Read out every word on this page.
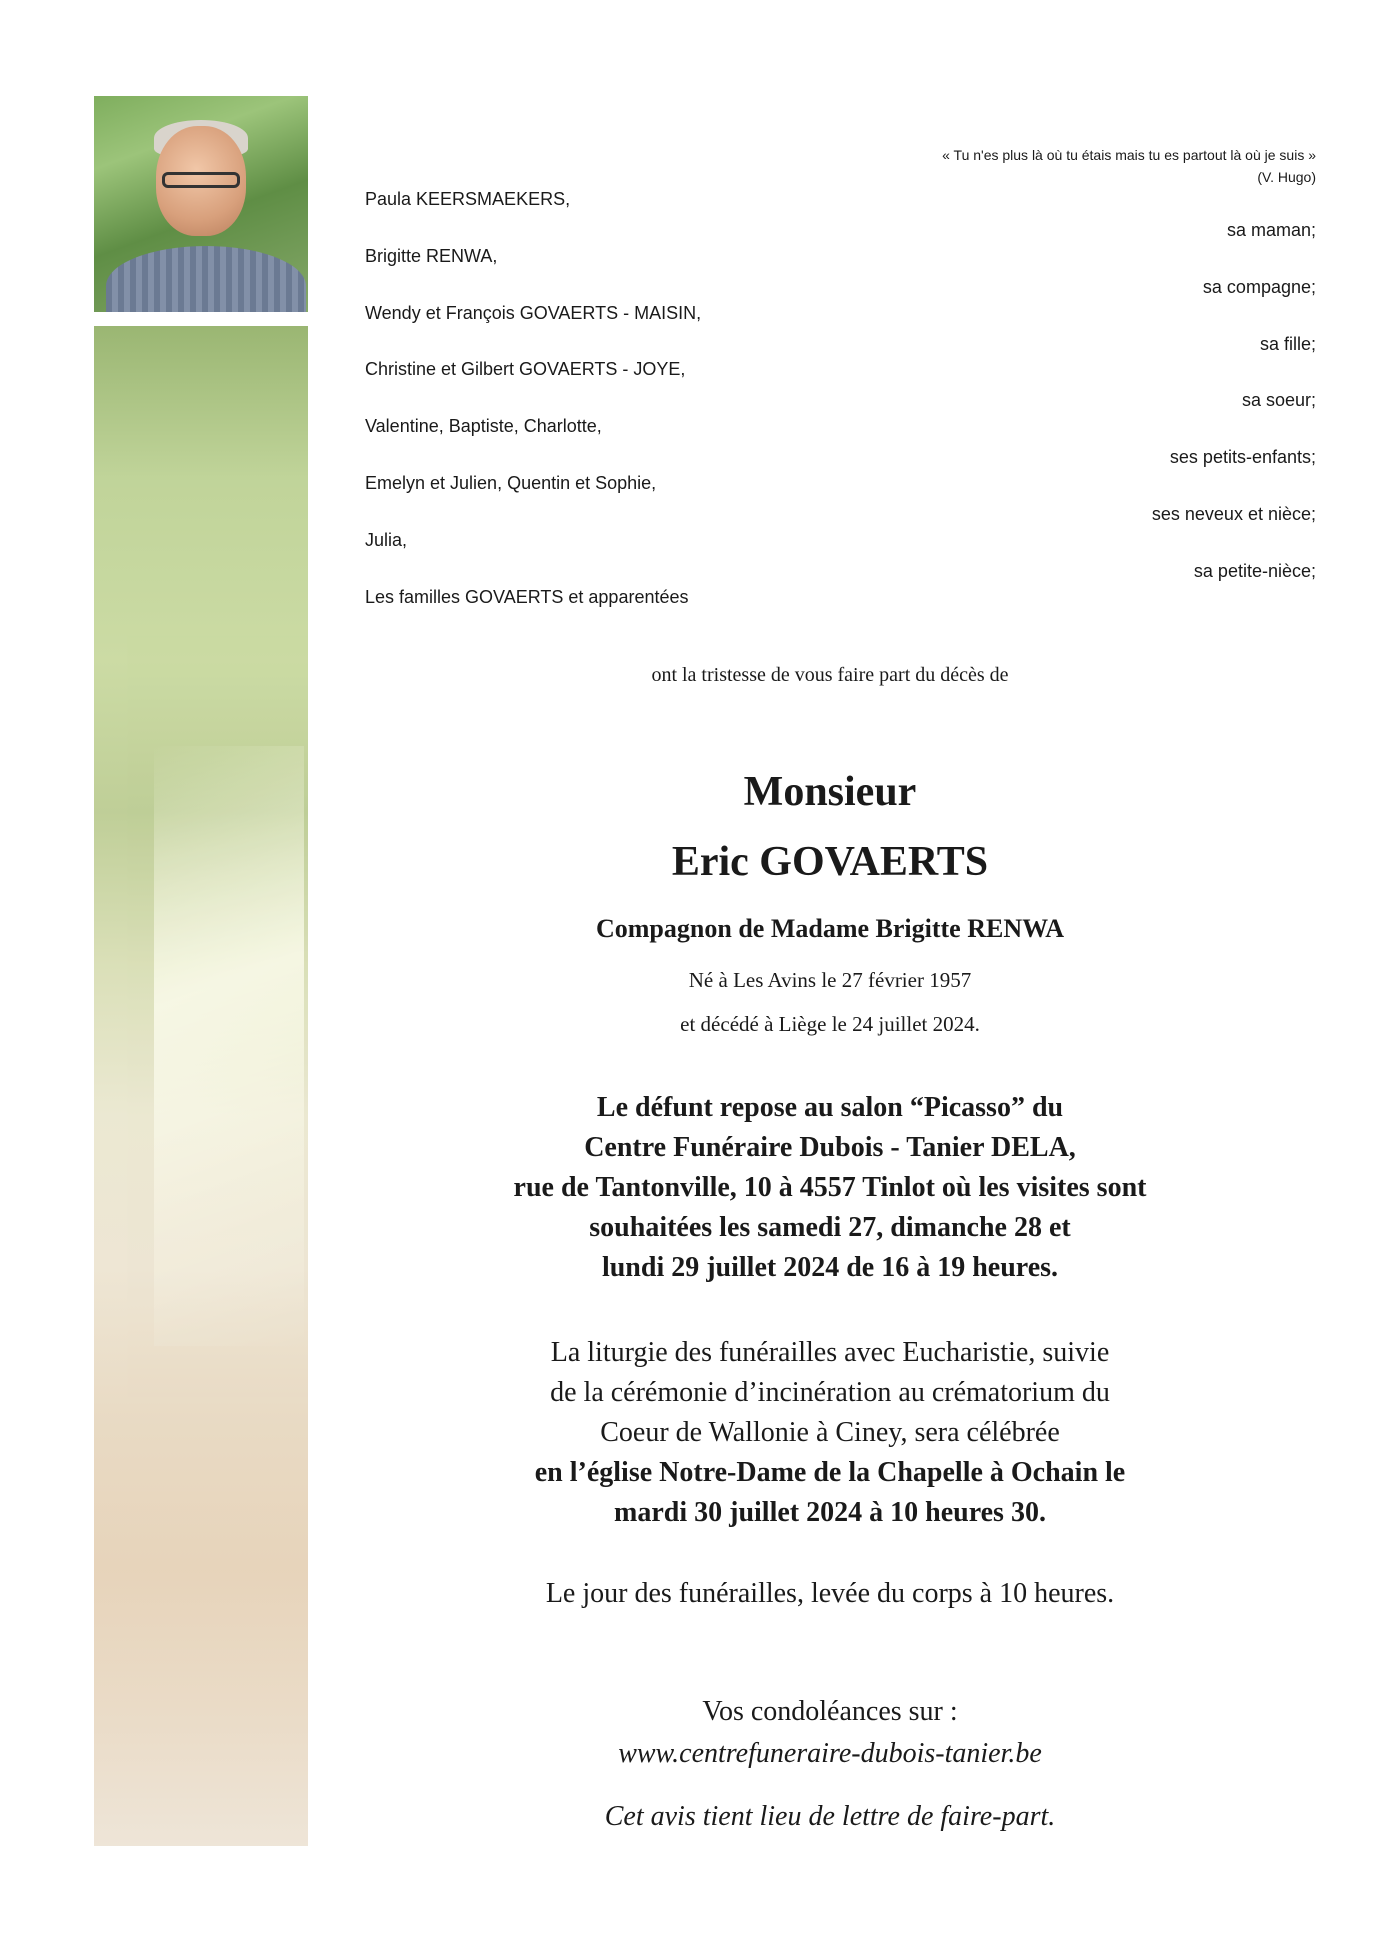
« Tu n'es plus là où tu étais mais tu es partout là où je suis »
(V. Hugo)
Paula KEERSMAEKERS,
Brigitte RENWA,
Wendy et François GOVAERTS - MAISIN,
Christine et Gilbert GOVAERTS - JOYE,
Valentine, Baptiste, Charlotte,
Emelyn et Julien, Quentin et Sophie,
Julia,
Les familles GOVAERTS et apparentées
sa maman;
sa compagne;
sa fille;
sa soeur;
ses petits-enfants;
ses neveux et nièce;
sa petite-nièce;
ont la tristesse de vous faire part du décès de
Monsieur
Eric GOVAERTS
Compagnon de Madame Brigitte RENWA
Né à Les Avins le 27 février 1957
et décédé à Liège le 24 juillet 2024.
Le défunt repose au salon “Picasso” du
Centre Funéraire Dubois - Tanier DELA,
rue de Tantonville, 10 à 4557 Tinlot où les visites sont
souhaitées les samedi 27, dimanche 28 et
lundi 29 juillet 2024 de 16 à 19 heures.
La liturgie des funérailles avec Eucharistie, suivie
de la cérémonie d’incinération au crématorium du
Coeur de Wallonie à Ciney, sera célébrée
en l’église Notre-Dame de la Chapelle à Ochain le
mardi 30 juillet 2024 à 10 heures 30.
Le jour des funérailles, levée du corps à 10 heures.
Vos condoléances sur :
www.centrefuneraire-dubois-tanier.be
Cet avis tient lieu de lettre de faire-part.
